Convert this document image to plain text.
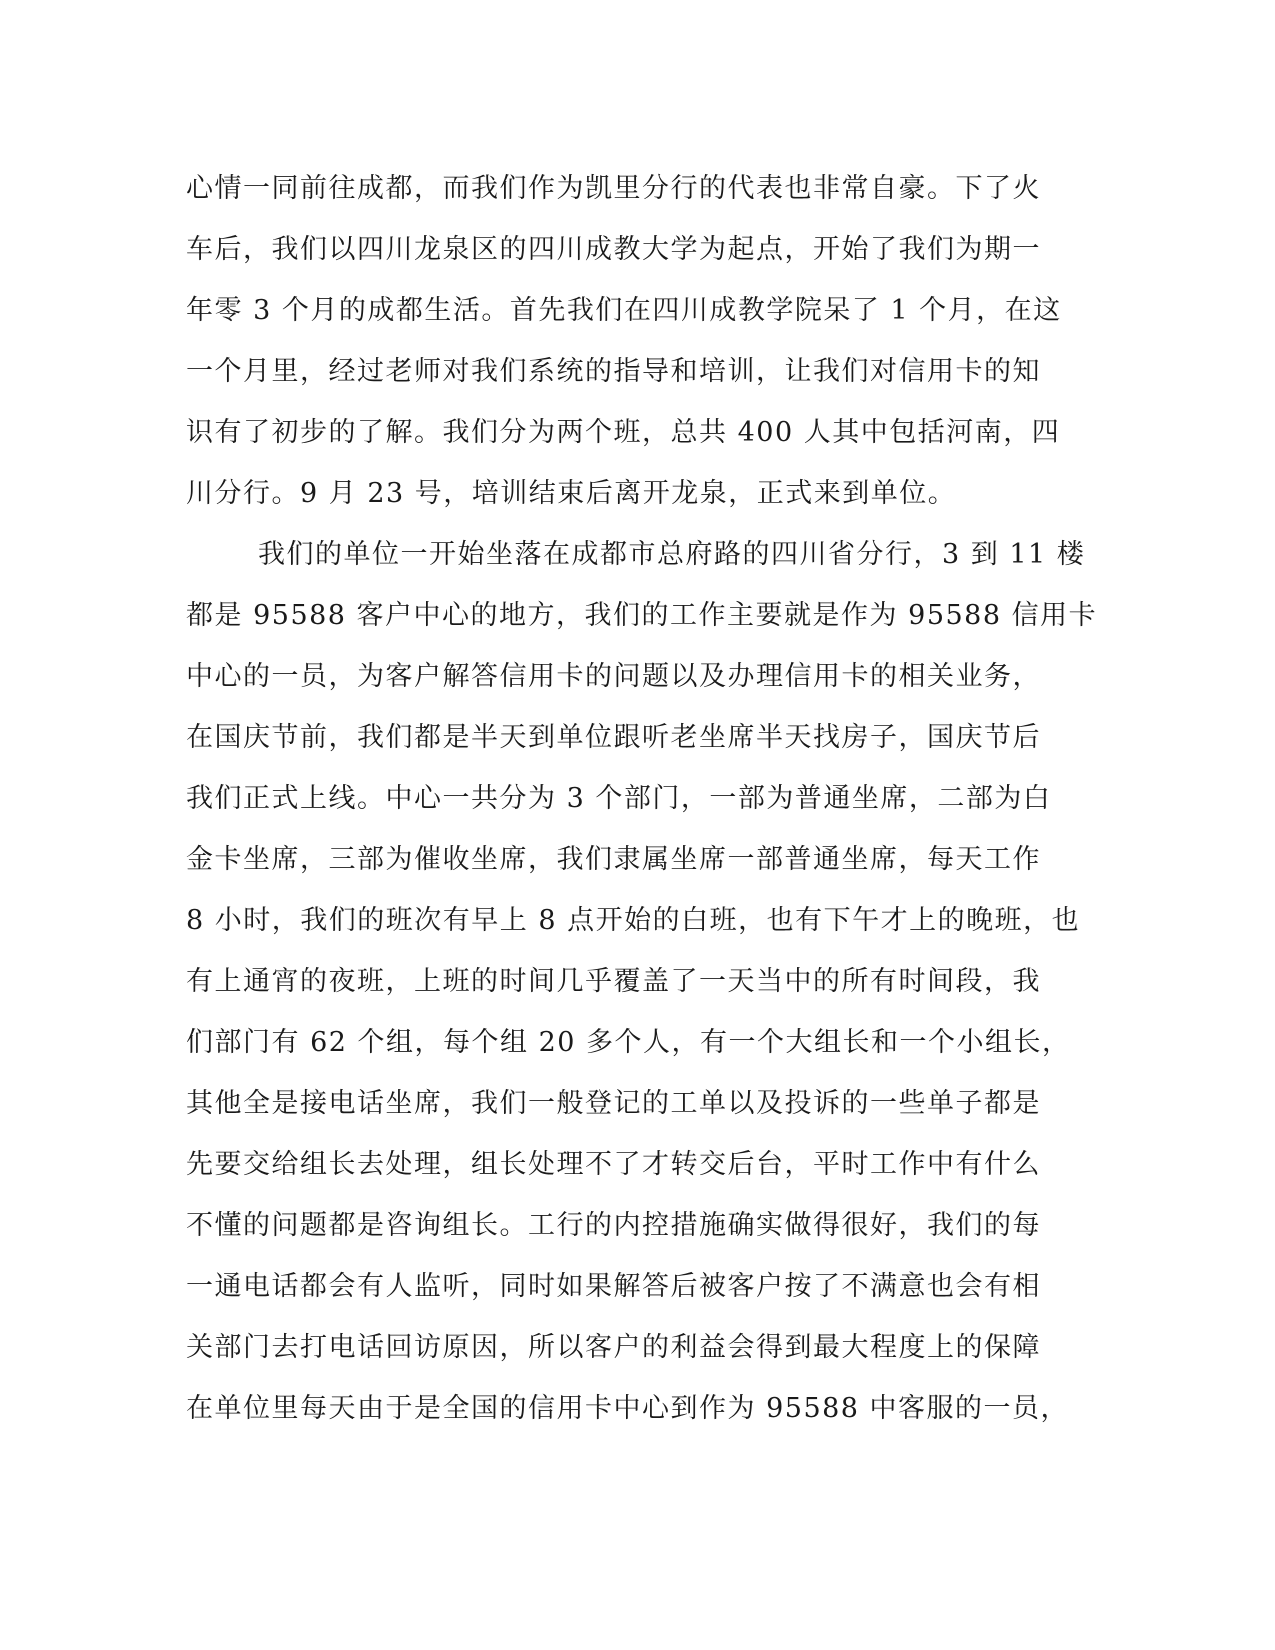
心情一同前往成都，而我们作为凯里分行的代表也非常自豪。下了火

车后，我们以四川龙泉区的四川成教大学为起点，开始了我们为期一

年零 3 个月的成都生活。首先我们在四川成教学院呆了 1 个月，在这

一个月里，经过老师对我们系统的指导和培训，让我们对信用卡的知

识有了初步的了解。我们分为两个班，总共 400 人其中包括河南，四

川分行。9 月 23 号，培训结束后离开龙泉，正式来到单位。

我们的单位一开始坐落在成都市总府路的四川省分行，3 到 11 楼

都是 95588 客户中心的地方，我们的工作主要就是作为 95588 信用卡

中心的一员，为客户解答信用卡的问题以及办理信用卡的相关业务，

在国庆节前，我们都是半天到单位跟听老坐席半天找房子，国庆节后

我们正式上线。中心一共分为 3 个部门，一部为普通坐席，二部为白

金卡坐席，三部为催收坐席，我们隶属坐席一部普通坐席，每天工作

8 小时，我们的班次有早上 8 点开始的白班，也有下午才上的晚班，也

有上通宵的夜班，上班的时间几乎覆盖了一天当中的所有时间段，我

们部门有 62 个组，每个组 20 多个人，有一个大组长和一个小组长，

其他全是接电话坐席，我们一般登记的工单以及投诉的一些单子都是

先要交给组长去处理，组长处理不了才转交后台，平时工作中有什么

不懂的问题都是咨询组长。工行的内控措施确实做得很好，我们的每

一通电话都会有人监听，同时如果解答后被客户按了不满意也会有相

关部门去打电话回访原因，所以客户的利益会得到最大程度上的保障

在单位里每天由于是全国的信用卡中心到作为 95588 中客服的一员，
